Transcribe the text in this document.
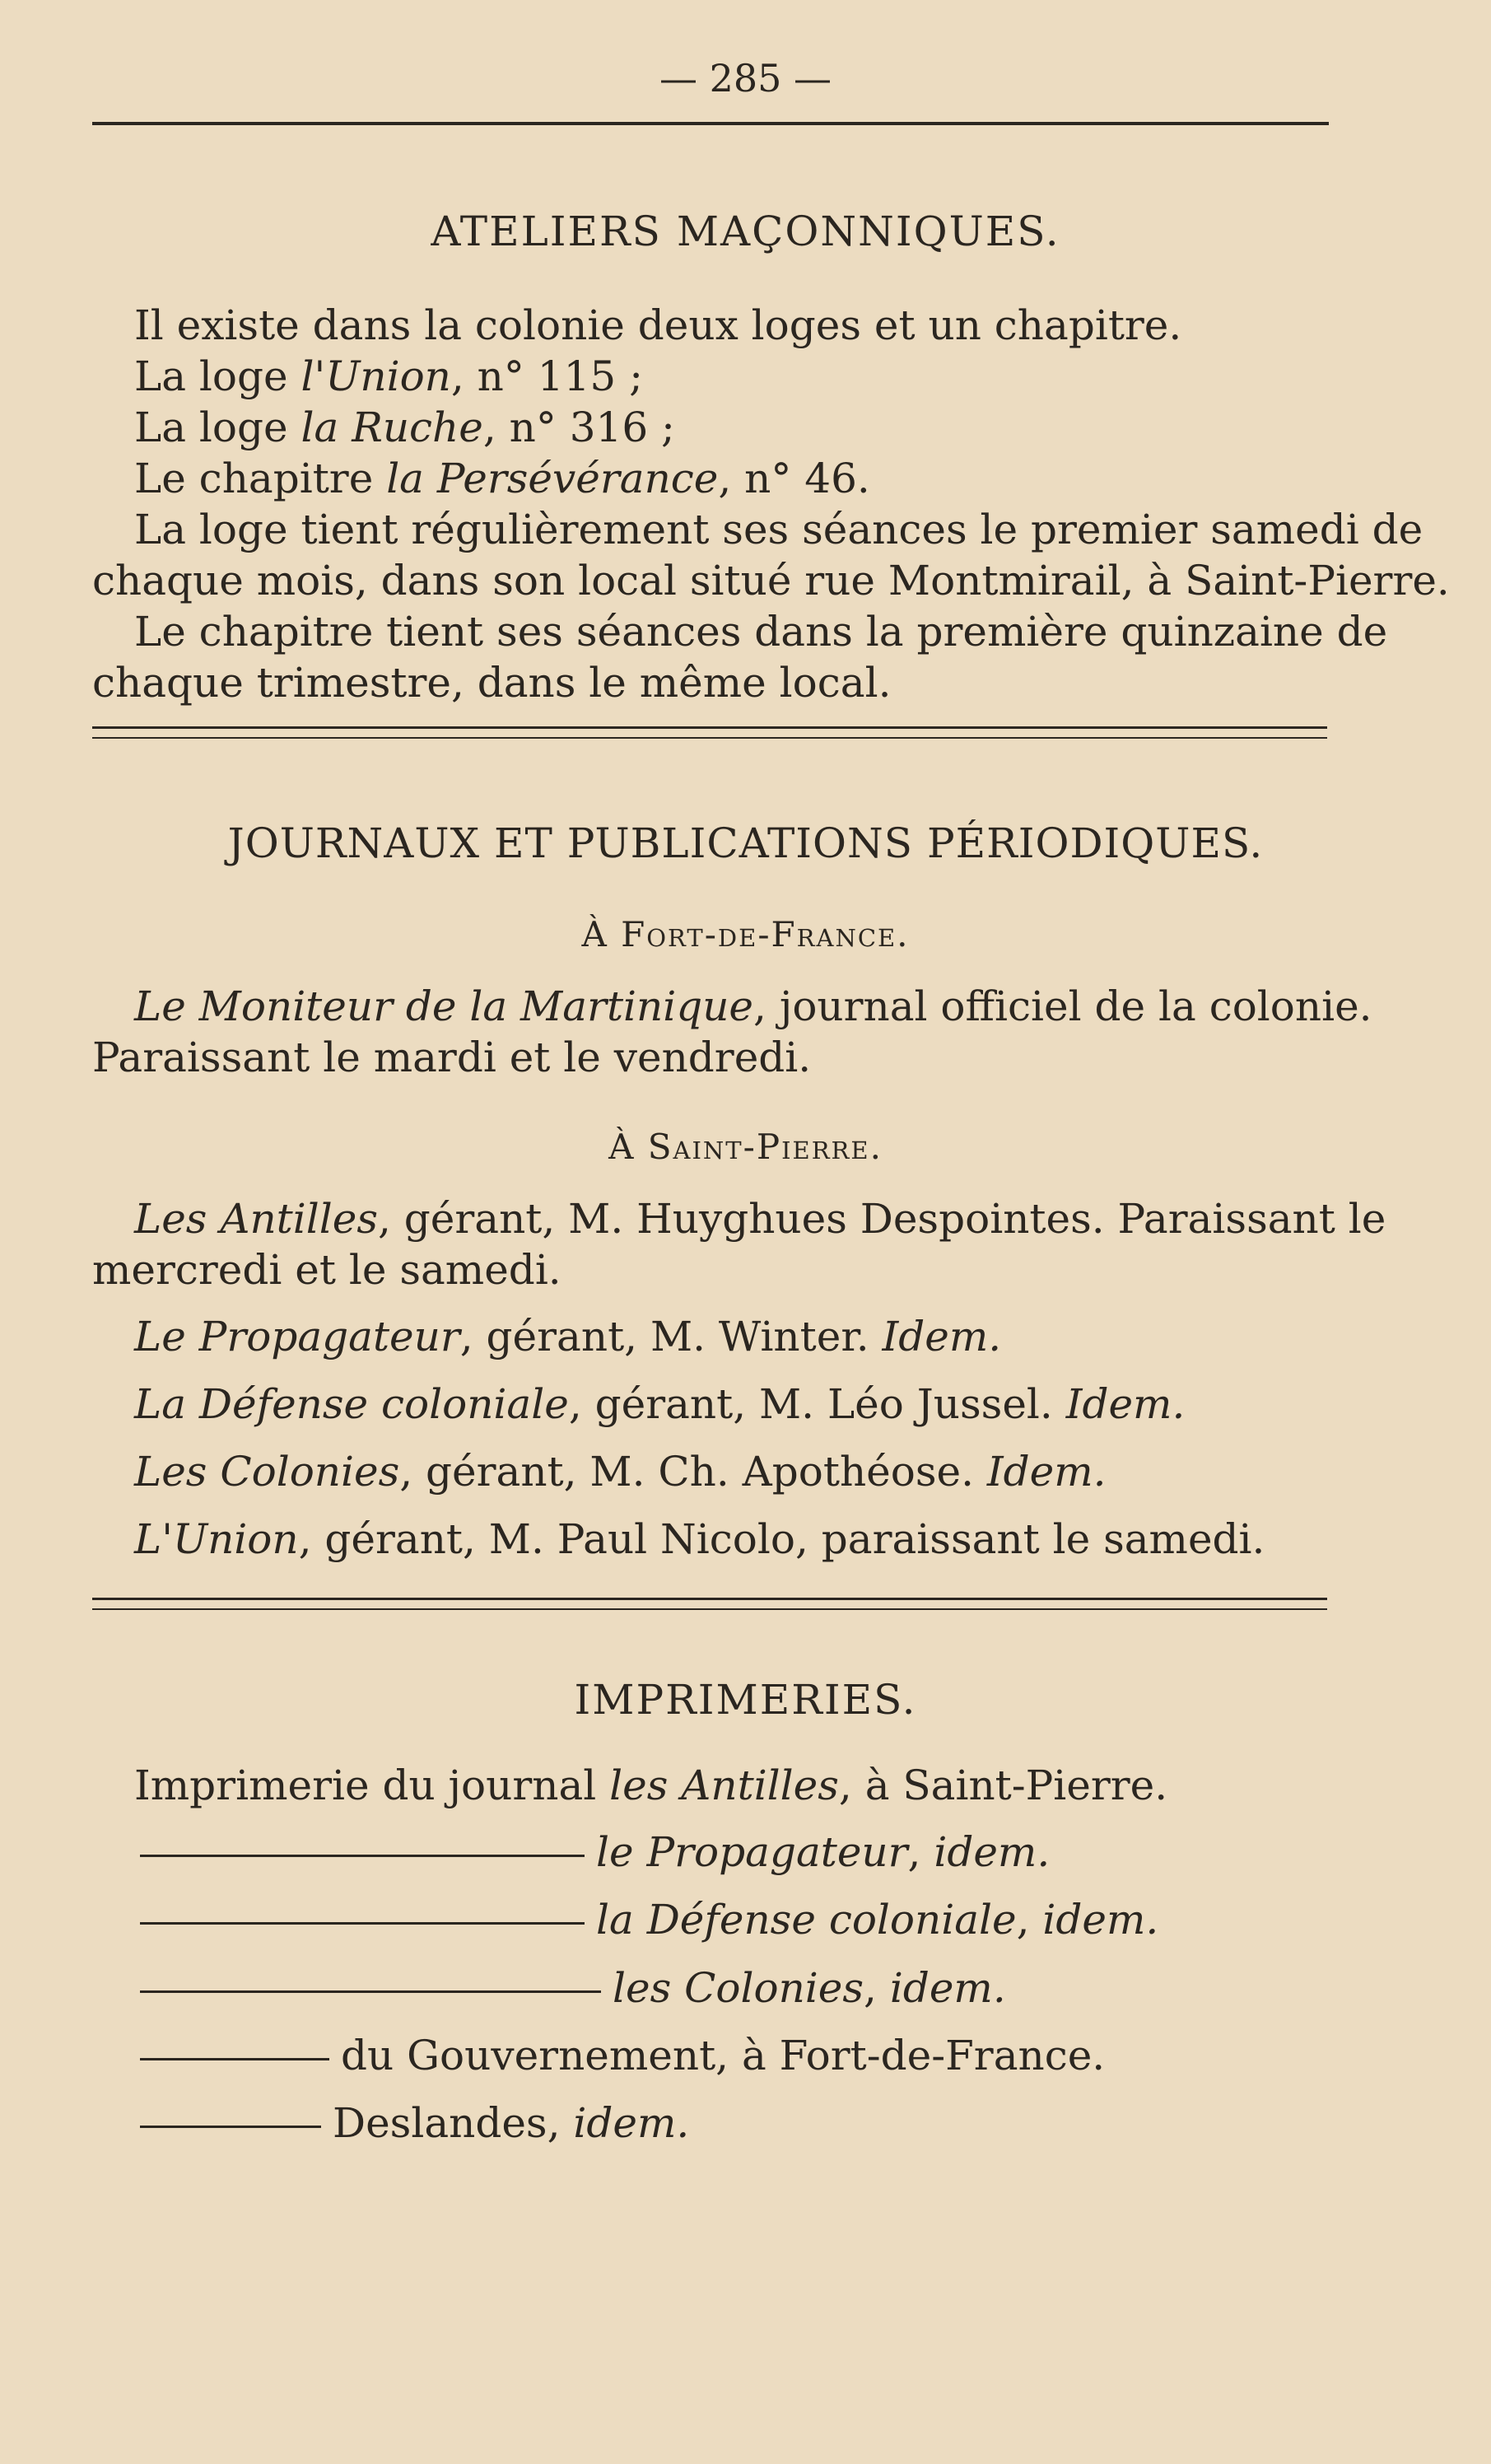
— 285 —
ATELIERS MAÇONNIQUES.
Il existe dans la colonie deux loges et un chapitre.
La loge l'Union, n° 115 ;
La loge la Ruche, n° 316 ;
Le chapitre la Persévérance, n° 46.
La loge tient régulièrement ses séances le premier samedi de
chaque mois, dans son local situé rue Montmirail, à Saint-Pierre.
Le chapitre tient ses séances dans la première quinzaine de
chaque trimestre, dans le même local.
JOURNAUX ET PUBLICATIONS PÉRIODIQUES.
À Fort-de-France.
Le Moniteur de la Martinique, journal officiel de la colonie.
Paraissant le mardi et le vendredi.
À Saint-Pierre.
Les Antilles, gérant, M. Huyghues Despointes. Paraissant le
mercredi et le samedi.
Le Propagateur, gérant, M. Winter. Idem.
La Défense coloniale, gérant, M. Léo Jussel. Idem.
Les Colonies, gérant, M. Ch. Apothéose. Idem.
L'Union, gérant, M. Paul Nicolo, paraissant le samedi.
IMPRIMERIES.
Imprimerie du journal les Antilles, à Saint-Pierre.
le Propagateur, idem.
la Défense coloniale, idem.
les Colonies, idem.
du Gouvernement, à Fort-de-France.
Deslandes, idem.
